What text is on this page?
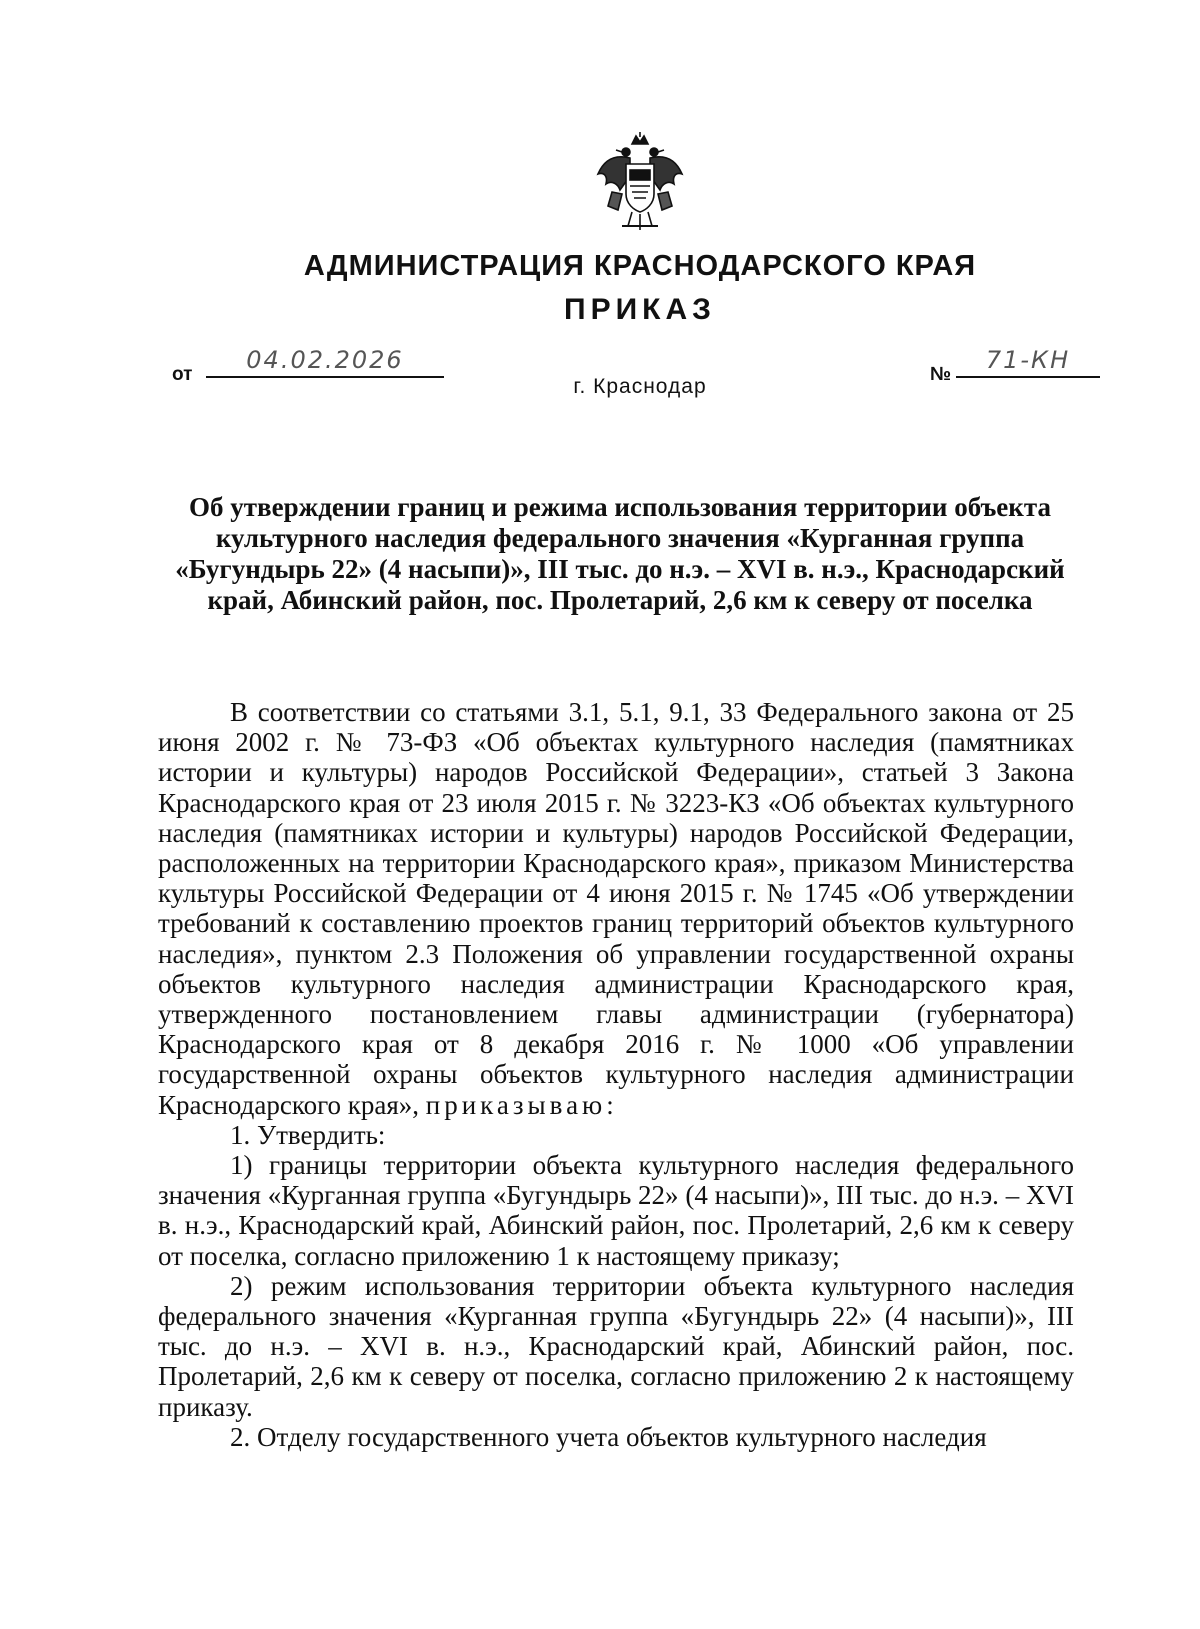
АДМИНИСТРАЦИЯ КРАСНОДАРСКОГО КРАЯ
ПРИКАЗ
от
04.02.2026
№
71-КН
г. Краснодар
Об утверждении границ и режима использования территории объекта культурного наследия федерального значения «Курганная группа «Бугундырь 22» (4 насыпи)», III тыс. до н.э. – XVI в. н.э., Краснодарский край, Абинский район, пос. Пролетарий, 2,6 км к северу от поселка

В соответствии со статьями 3.1, 5.1, 9.1, 33 Федерального закона от 25 июня 2002 г. № 73-ФЗ «Об объектах культурного наследия (памятниках истории и культуры) народов Российской Федерации», статьей 3 Закона Краснодарского края от 23 июля 2015 г. № 3223-КЗ «Об объектах культурного наследия (памятниках истории и культуры) народов Российской Федерации, расположенных на территории Краснодарского края», приказом Министерства культуры Российской Федерации от 4 июня 2015 г. № 1745 «Об утверждении требований к составлению проектов границ территорий объектов культурного наследия», пунктом 2.3 Положения об управлении государственной охраны объектов культурного наследия администрации Краснодарского края, утвержденного постановлением главы администрации (губернатора) Краснодарского края от 8 декабря 2016 г. № 1000 «Об управлении государственной охраны объектов культурного наследия администрации Краснодарского края», приказываю:

1. Утвердить:

1) границы территории объекта культурного наследия федерального значения «Курганная группа «Бугундырь 22» (4 насыпи)», III тыс. до н.э. – XVI в. н.э., Краснодарский край, Абинский район, пос. Пролетарий, 2,6 км к северу от поселка, согласно приложению 1 к настоящему приказу;

2) режим использования территории объекта культурного наследия федерального значения «Курганная группа «Бугундырь 22» (4 насыпи)», III тыс. до н.э. – XVI в. н.э., Краснодарский край, Абинский район, пос. Пролетарий, 2,6 км к северу от поселка, согласно приложению 2 к настоящему приказу.

2. Отделу государственного учета объектов культурного наследия
